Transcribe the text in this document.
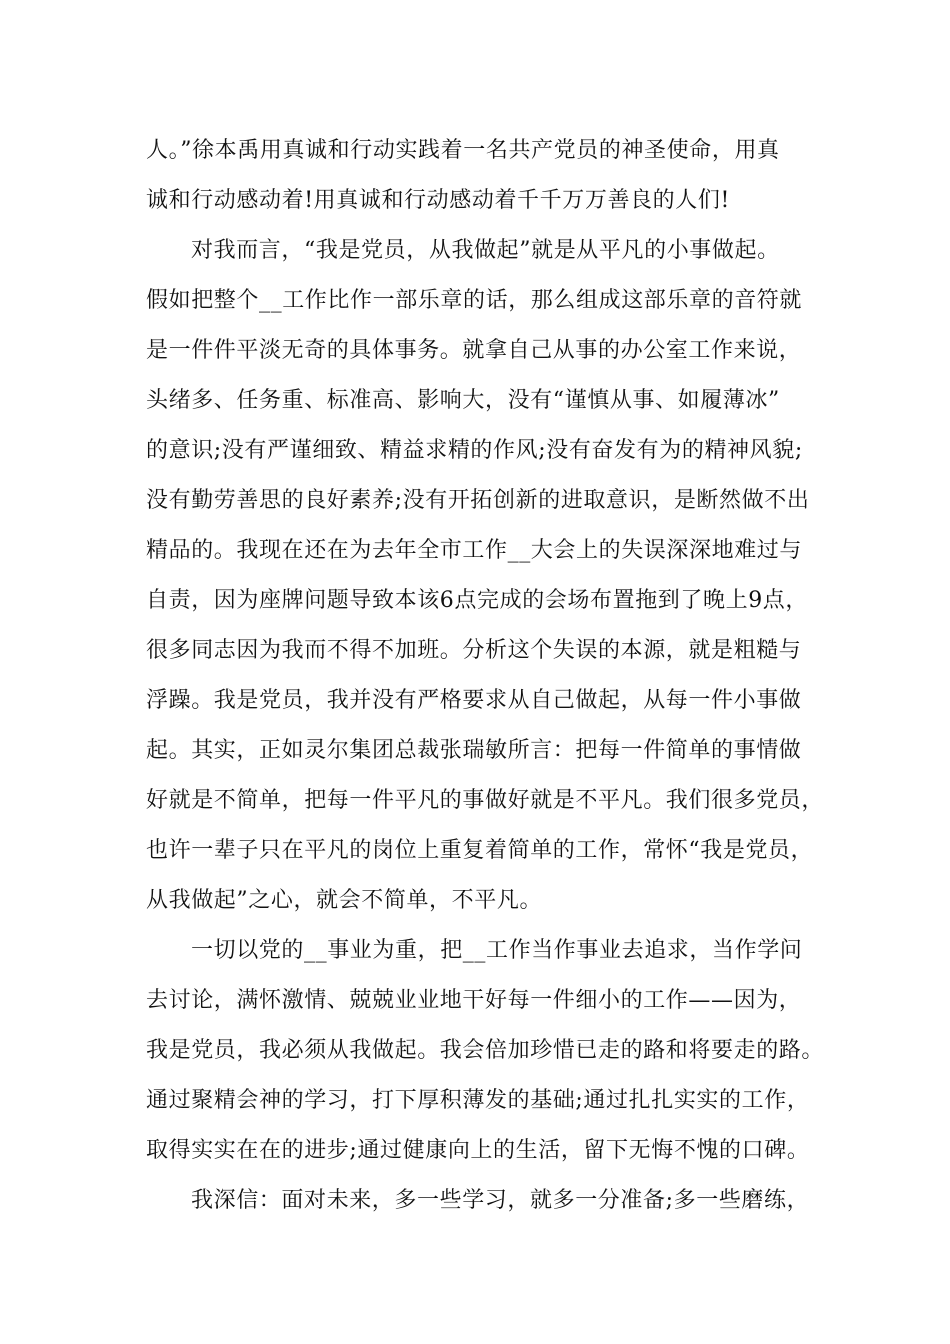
人。”徐本禹用真诚和行动实践着一名共产党员的神圣使命，用真
诚和行动感动着!用真诚和行动感动着千千万万善良的人们!
对我而言，“我是党员，从我做起”就是从平凡的小事做起。
假如把整个__工作比作一部乐章的话，那么组成这部乐章的音符就
是一件件平淡无奇的具体事务。就拿自己从事的办公室工作来说，
头绪多、任务重、标准高、影响大，没有“谨慎从事、如履薄冰”
的意识;没有严谨细致、精益求精的作风;没有奋发有为的精神风貌;
没有勤劳善思的良好素养;没有开拓创新的进取意识，是断然做不出
精品的。我现在还在为去年全市工作__大会上的失误深深地难过与
自责，因为座牌问题导致本该6点完成的会场布置拖到了晚上9点，
很多同志因为我而不得不加班。分析这个失误的本源，就是粗糙与
浮躁。我是党员，我并没有严格要求从自己做起，从每一件小事做
起。其实，正如灵尔集团总裁张瑞敏所言：把每一件简单的事情做
好就是不简单，把每一件平凡的事做好就是不平凡。我们很多党员，
也许一辈子只在平凡的岗位上重复着简单的工作，常怀“我是党员，
从我做起”之心，就会不简单，不平凡。
一切以党的__事业为重，把__工作当作事业去追求，当作学问
去讨论，满怀激情、兢兢业业地干好每一件细小的工作——因为，
我是党员，我必须从我做起。我会倍加珍惜已走的路和将要走的路。
通过聚精会神的学习，打下厚积薄发的基础;通过扎扎实实的工作，
取得实实在在的进步;通过健康向上的生活，留下无悔不愧的口碑。
我深信：面对未来，多一些学习，就多一分准备;多一些磨练，
